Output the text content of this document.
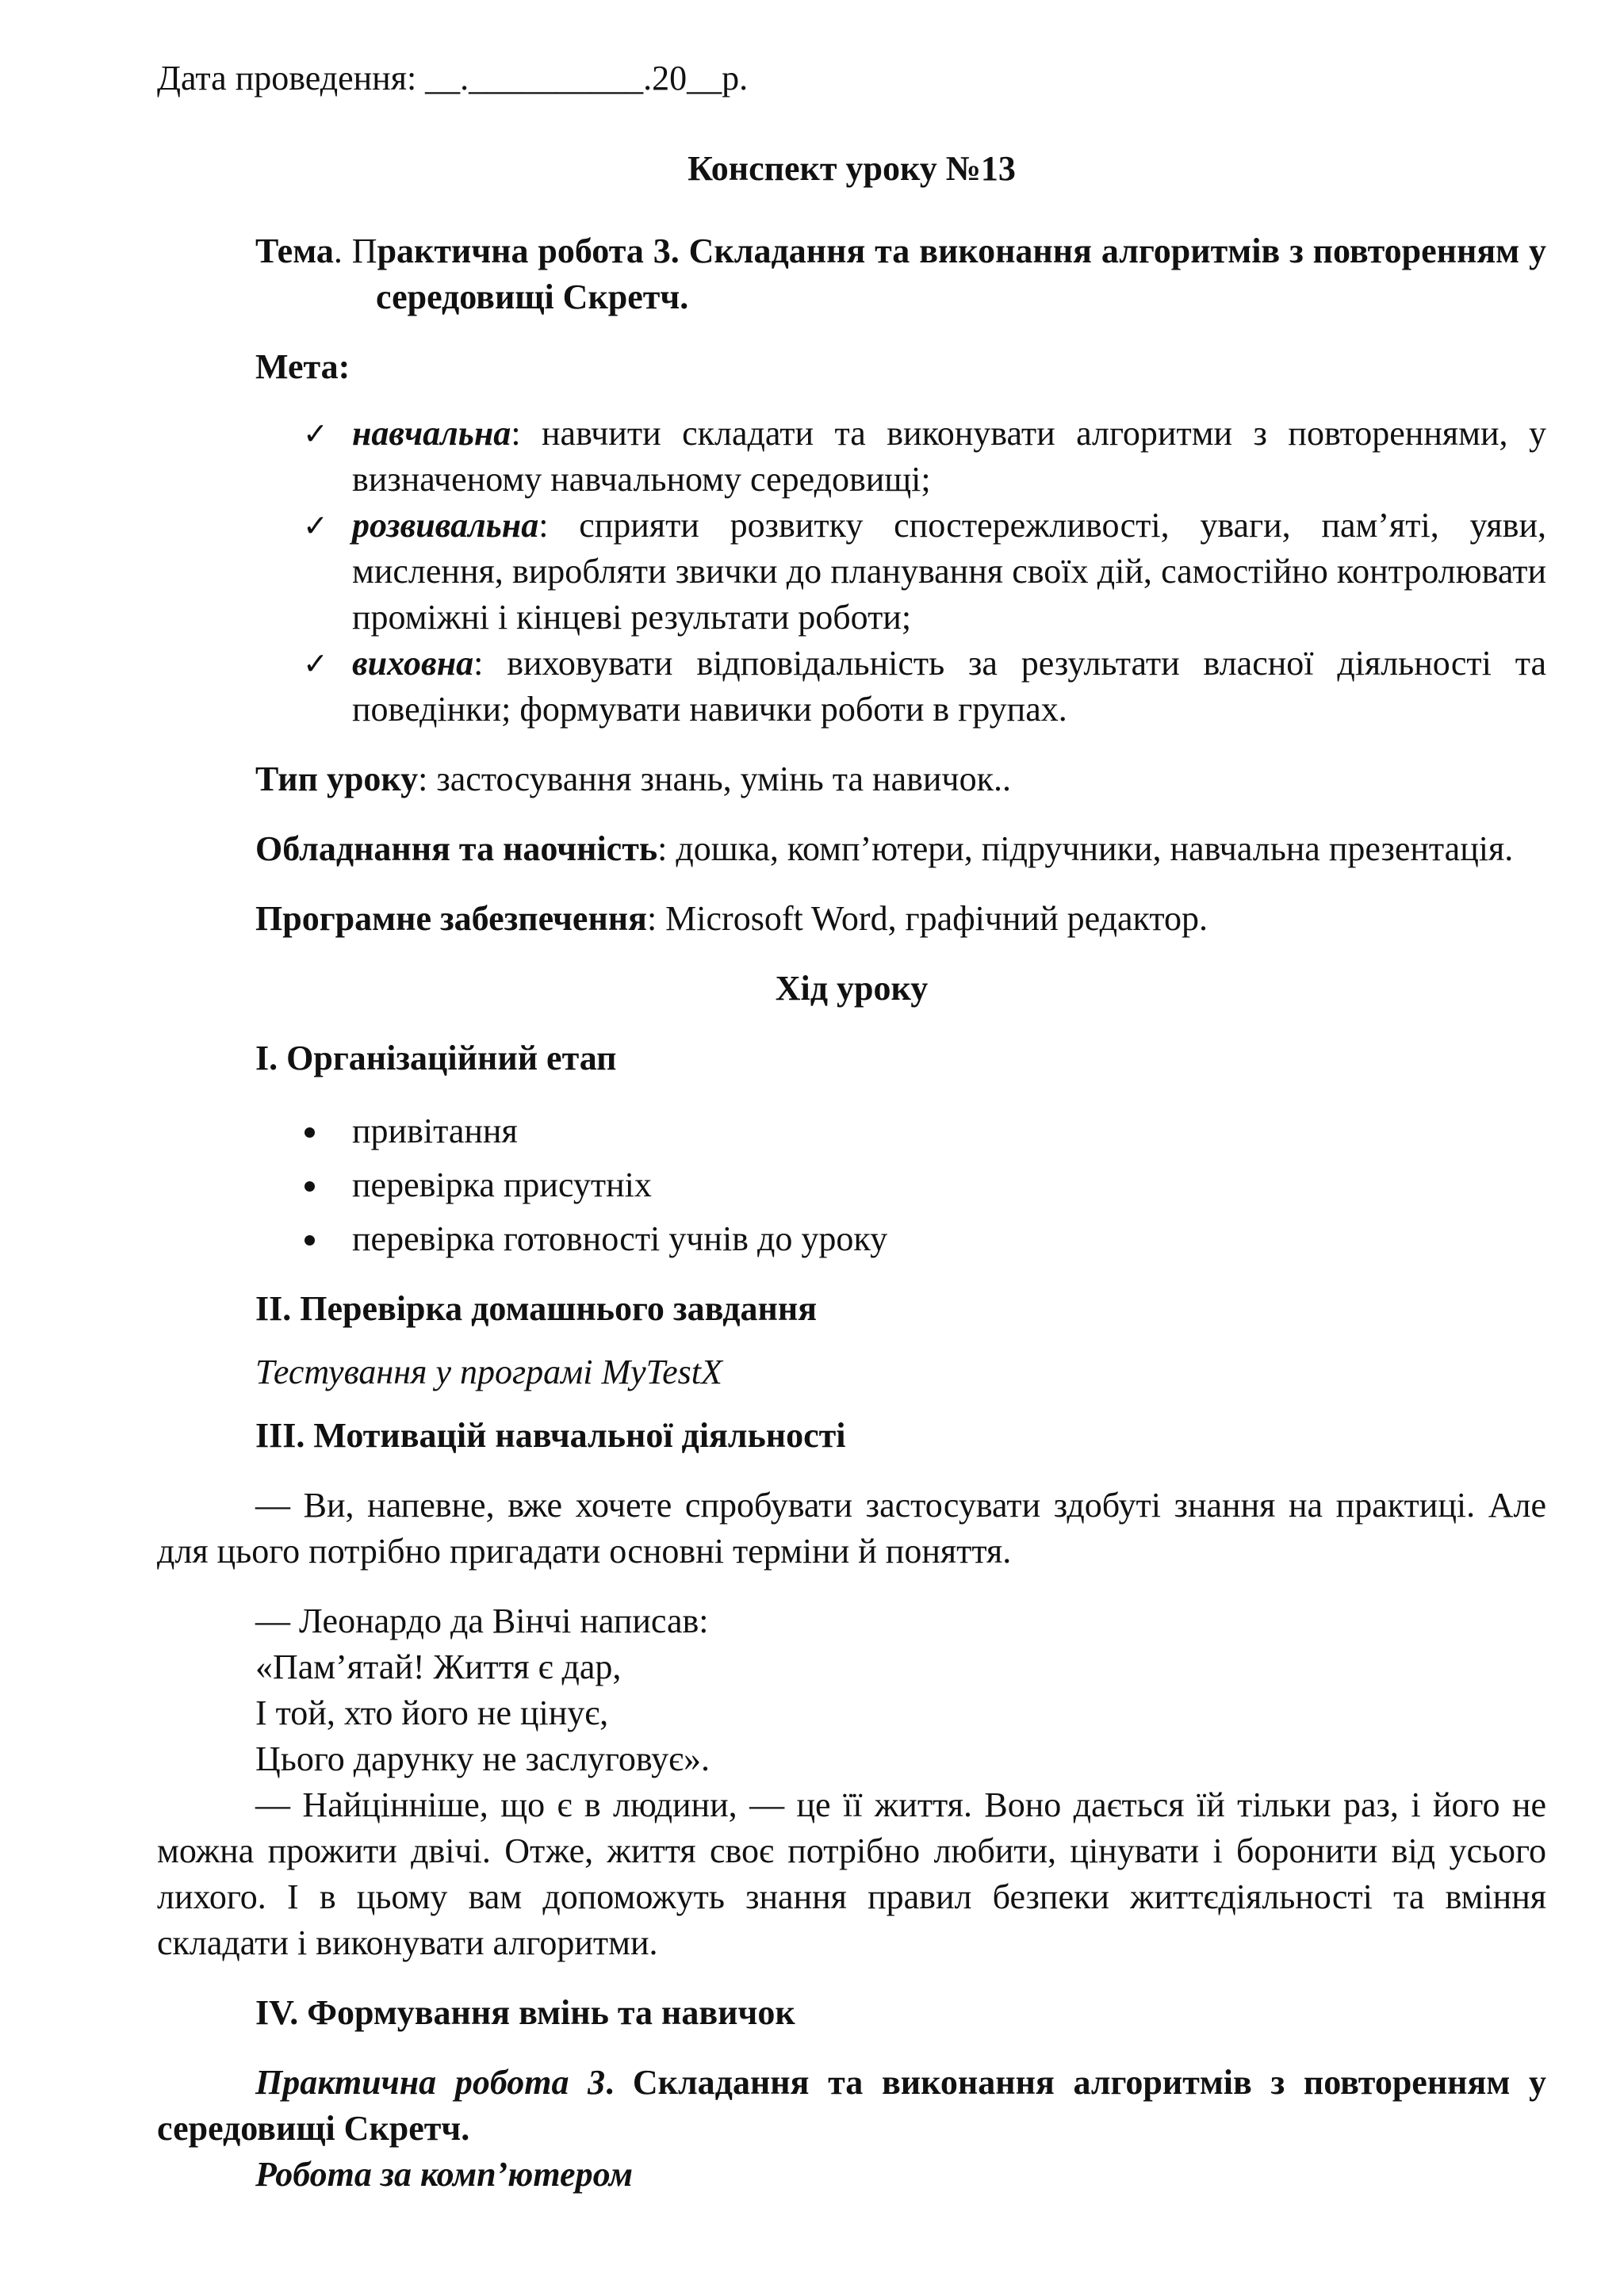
Дата проведення: __.__________.20__р.

Конспект уроку №13

Тема. Практична робота 3. Складання та виконання алгоритмів з повторенням у середовищі Скретч.

Мета:

✓ навчальна: навчити складати та виконувати алгоритми з повтореннями, у визначеному навчальному середовищі;
✓ розвивальна: сприяти розвитку спостережливості, уваги, пам’яті, уяви, мислення, виробляти звички до планування своїх дій, самостійно контролювати проміжні і кінцеві результати роботи;
✓ виховна: виховувати відповідальність за результати власної діяльності та поведінки; формувати навички роботи в групах.

Тип уроку: застосування знань, умінь та навичок..

Обладнання та наочність: дошка, комп’ютери, підручники, навчальна презентація.

Програмне забезпечення: Microsoft Word, графічний редактор.

Хід уроку

І. Організаційний етап

привітання
перевірка присутніх
перевірка готовності учнів до уроку

ІІ. Перевірка домашнього завдання

Тестування у програмі MyTestX

ІІІ. Мотивацій навчальної діяльності

— Ви, напевне, вже хочете спробувати застосувати здобуті знання на практиці. Але для цього потрібно пригадати основні терміни й поняття.

— Леонардо да Вінчі написав:

«Пам’ятай! Життя є дар,

І той, хто його не цінує,

Цього дарунку не заслуговує».

— Найцінніше, що є в людини, — це її життя. Воно дається їй тільки раз, і його не можна прожити двічі. Отже, життя своє потрібно любити, цінувати і боронити від усього лихого. І в цьому вам допоможуть знання правил безпеки життєдіяльності та вміння складати і виконувати алгоритми.

IV. Формування вмінь та навичок

Практична робота 3. Складання та виконання алгоритмів з повторенням у середовищі Скретч.

Робота за комп’ютером
